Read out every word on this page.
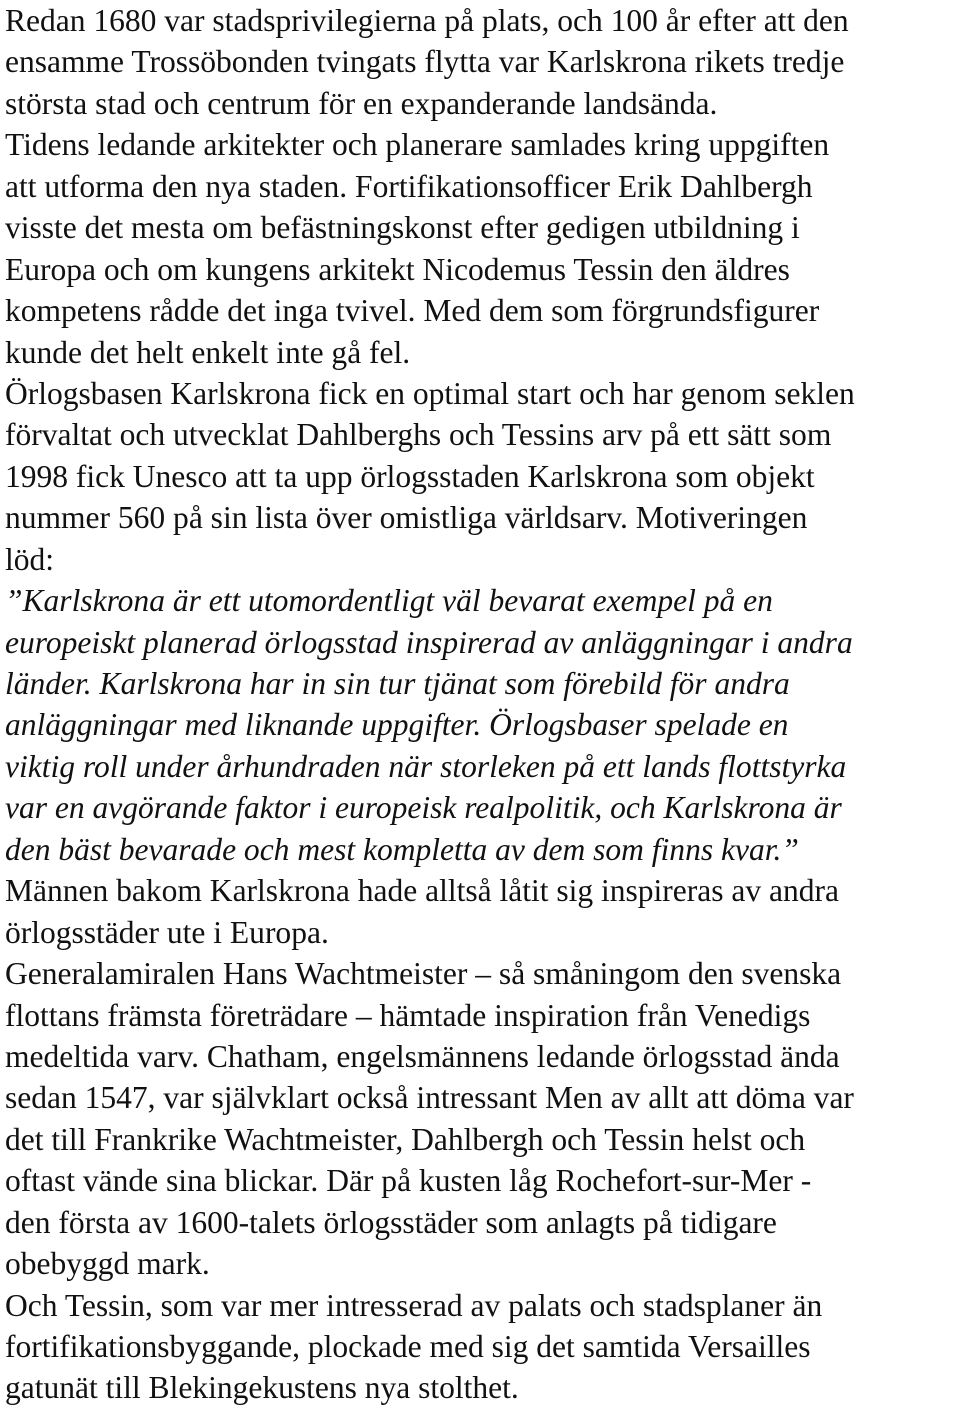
Redan 1680 var stadsprivilegierna på plats, och 100 år efter att den
ensamme Trossöbonden tvingats flytta var Karlskrona rikets tredje
största stad och centrum för en expanderande landsända.
Tidens ledande arkitekter och planerare samlades kring uppgiften
att utforma den nya staden. Fortifikationsofficer Erik Dahlbergh
visste det mesta om befästningskonst efter gedigen utbildning i
Europa och om kungens arkitekt Nicodemus Tessin den äldres
kompetens rådde det inga tvivel. Med dem som förgrundsfigurer
kunde det helt enkelt inte gå fel.
Örlogsbasen Karlskrona fick en optimal start och har genom seklen
förvaltat och utvecklat Dahlberghs och Tessins arv på ett sätt som
1998 fick Unesco att ta upp örlogsstaden Karlskrona som objekt
nummer 560 på sin lista över omistliga världsarv. Motiveringen
löd:
”Karlskrona är ett utomordentligt väl bevarat exempel på en
europeiskt planerad örlogsstad inspirerad av anläggningar i andra
länder. Karlskrona har in sin tur tjänat som förebild för andra
anläggningar med liknande uppgifter. Örlogsbaser spelade en
viktig roll under århundraden när storleken på ett lands flottstyrka
var en avgörande faktor i europeisk realpolitik, och Karlskrona är
den bäst bevarade och mest kompletta av dem som finns kvar.”
Männen bakom Karlskrona hade alltså låtit sig inspireras av andra
örlogsstäder ute i Europa.
Generalamiralen Hans Wachtmeister – så småningom den svenska
flottans främsta företrädare – hämtade inspiration från Venedigs
medeltida varv. Chatham, engelsmännens ledande örlogsstad ända
sedan 1547, var självklart också intressant Men av allt att döma var
det till Frankrike Wachtmeister, Dahlbergh och Tessin helst och
oftast vände sina blickar. Där på kusten låg Rochefort-sur-Mer -
den första av 1600-talets örlogsstäder som anlagts på tidigare
obebyggd mark.
Och Tessin, som var mer intresserad av palats och stadsplaner än
fortifikationsbyggande, plockade med sig det samtida Versailles
gatunät till Blekingekustens nya stolthet.
